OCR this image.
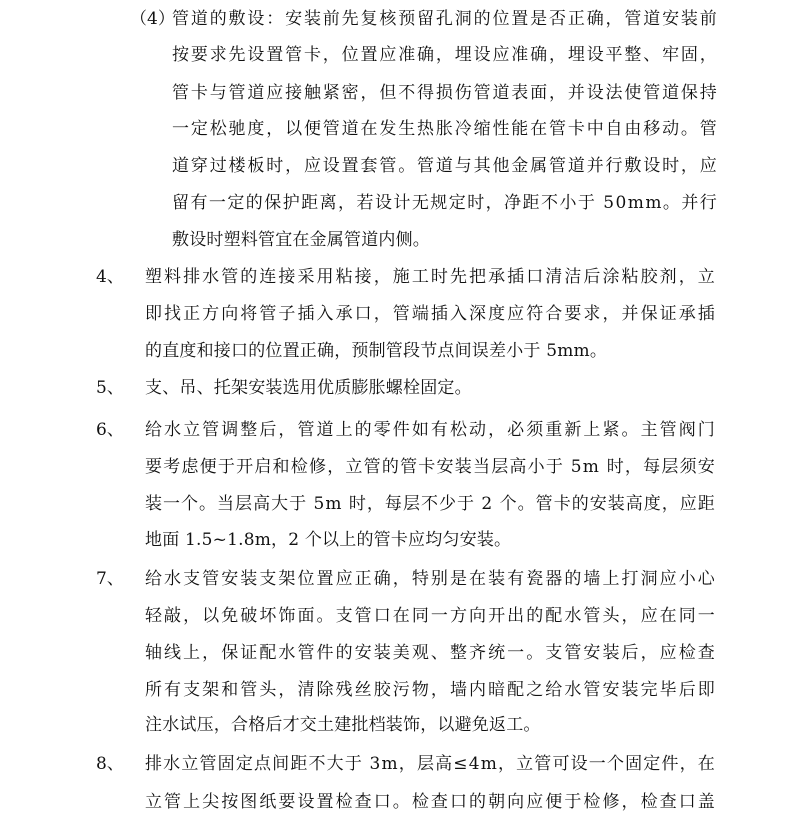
（4）
管道的敷设：安装前先复核预留孔洞的位置是否正确，管道安装前
按要求先设置管卡，位置应准确，埋设应准确，埋设平整、牢固，
管卡与管道应接触紧密，但不得损伤管道表面，并设法使管道保持
一定松驰度，以便管道在发生热胀冷缩性能在管卡中自由移动。管
道穿过楼板时，应设置套管。管道与其他金属管道并行敷设时，应
留有一定的保护距离，若设计无规定时，净距不小于 50mm。并行
敷设时塑料管宜在金属管道内侧。
4、 塑料排水管的连接采用粘接，施工时先把承插口清洁后涂粘胶剂，立
即找正方向将管子插入承口，管端插入深度应符合要求，并保证承插
的直度和接口的位置正确，预制管段节点间误差小于 5mm。
5、 支、吊、托架安装选用优质膨胀螺栓固定。
6、 给水立管调整后，管道上的零件如有松动，必须重新上紧。主管阀门
要考虑便于开启和检修，立管的管卡安装当层高小于 5m 时，每层须安
装一个。当层高大于 5m 时，每层不少于 2 个。管卡的安装高度，应距
地面 1.5~1.8m，2 个以上的管卡应均匀安装。
7、 给水支管安装支架位置应正确，特别是在装有瓷器的墙上打洞应小心
轻敲，以免破坏饰面。支管口在同一方向开出的配水管头，应在同一
轴线上，保证配水管件的安装美观、整齐统一。支管安装后，应检查
所有支架和管头，清除残丝胶污物，墙内暗配之给水管安装完毕后即
注水试压，合格后才交土建批档装饰，以避免返工。
8、 排水立管固定点间距不大于 3m，层高≤4m，立管可设一个固定件，在
立管上尖按图纸要设置检查口。检查口的朝向应便于检修，检查口盖
